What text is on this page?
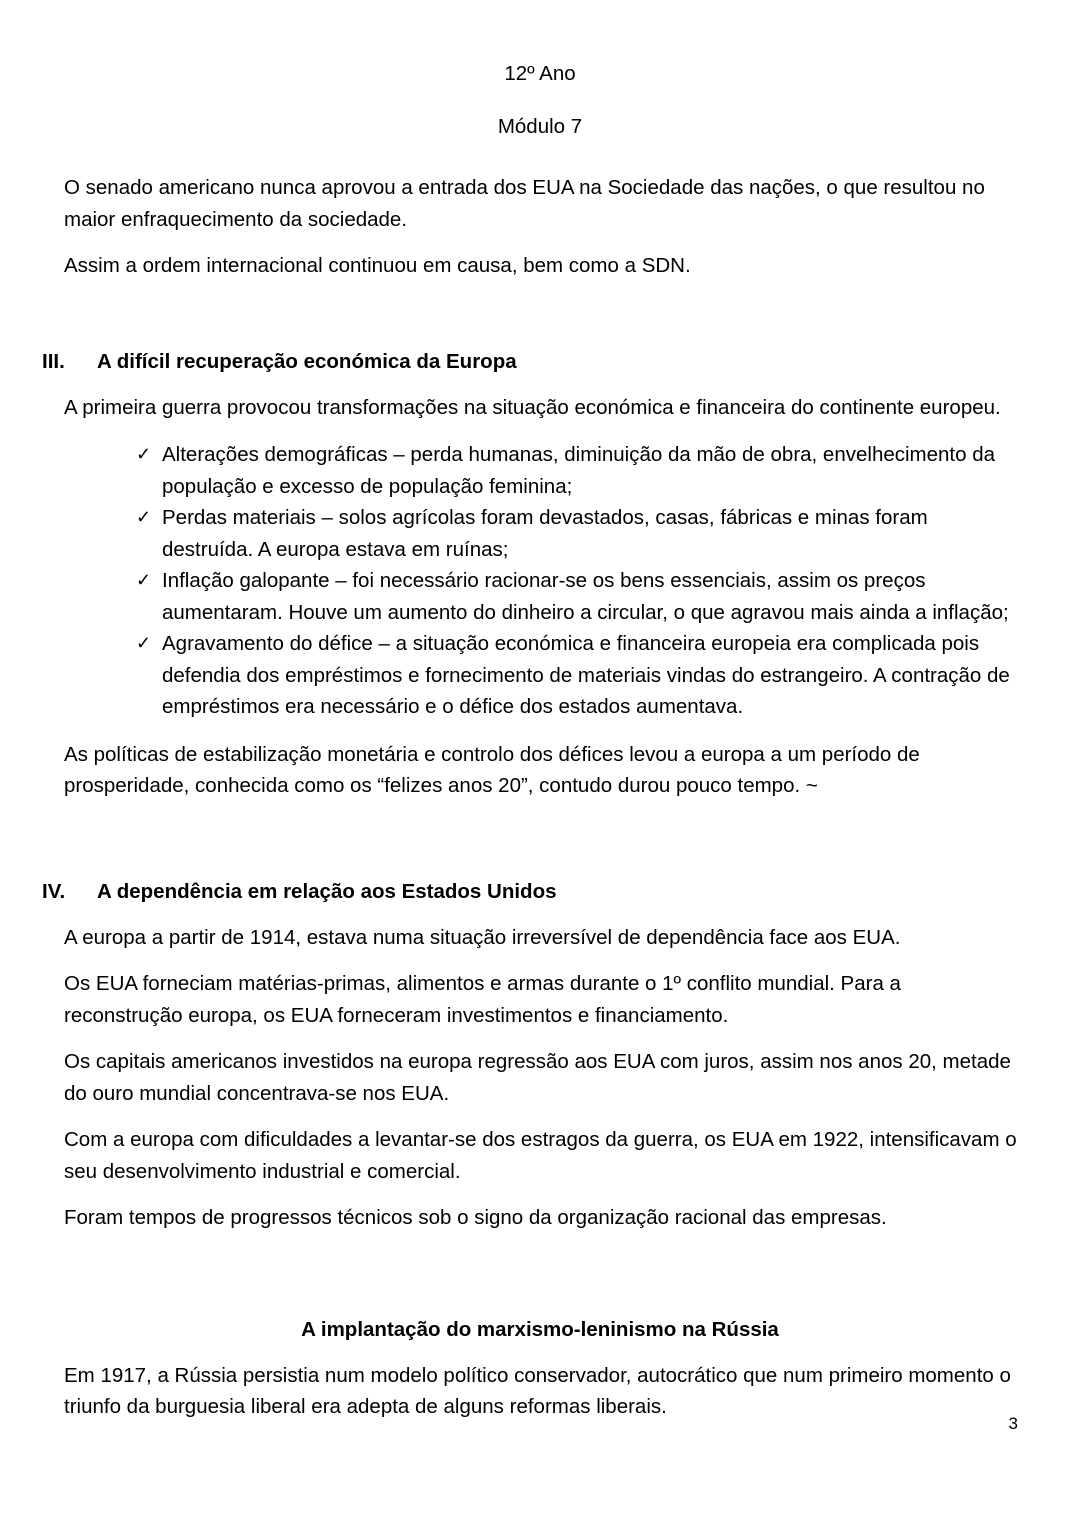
12º Ano
Módulo 7

O senado americano nunca aprovou a entrada dos EUA na Sociedade das nações, o que resultou no maior enfraquecimento da sociedade.

Assim a ordem internacional continuou em causa, bem como a SDN.

III.	A difícil recuperação económica da Europa

A primeira guerra provocou transformações na situação económica e financeira do continente europeu.

✓ Alterações demográficas – perda humanas, diminuição da mão de obra, envelhecimento da população e excesso de população feminina;
✓ Perdas materiais – solos agrícolas foram devastados, casas, fábricas e minas foram destruída. A europa estava em ruínas;
✓ Inflação galopante – foi necessário racionar-se os bens essenciais, assim os preços aumentaram. Houve um aumento do dinheiro a circular, o que agravou mais ainda a inflação;
✓ Agravamento do défice – a situação económica e financeira europeia era complicada pois defendia dos empréstimos e fornecimento de materiais vindas do estrangeiro. A contração de empréstimos era necessário e o défice dos estados aumentava.

As políticas de estabilização monetária e controlo dos défices levou a europa a um período de prosperidade, conhecida como os “felizes anos 20”, contudo durou pouco tempo. ~

IV.	A dependência em relação aos Estados Unidos

A europa a partir de 1914, estava numa situação irreversível de dependência face aos EUA.

Os EUA forneciam matérias-primas, alimentos e armas durante o 1º conflito mundial. Para a reconstrução europa, os EUA forneceram investimentos e financiamento.

Os capitais americanos investidos na europa regressão aos EUA com juros, assim nos anos 20, metade do ouro mundial concentrava-se nos EUA.

Com a europa com dificuldades a levantar-se dos estragos da guerra, os EUA em 1922, intensificavam o seu desenvolvimento industrial e comercial.

Foram tempos de progressos técnicos sob o signo da organização racional das empresas.

A implantação do marxismo-leninismo na Rússia

Em 1917, a Rússia persistia num modelo político conservador, autocrático que num primeiro momento o triunfo da burguesia liberal era adepta de alguns reformas liberais.

3
